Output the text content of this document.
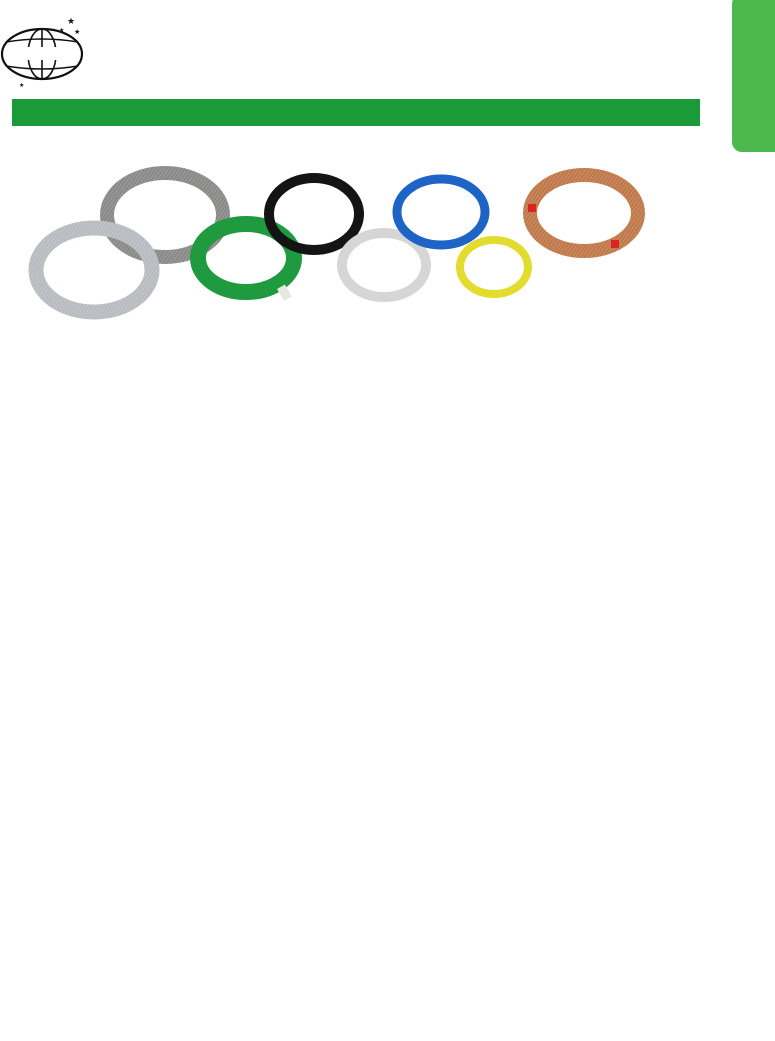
★
★
★
★
